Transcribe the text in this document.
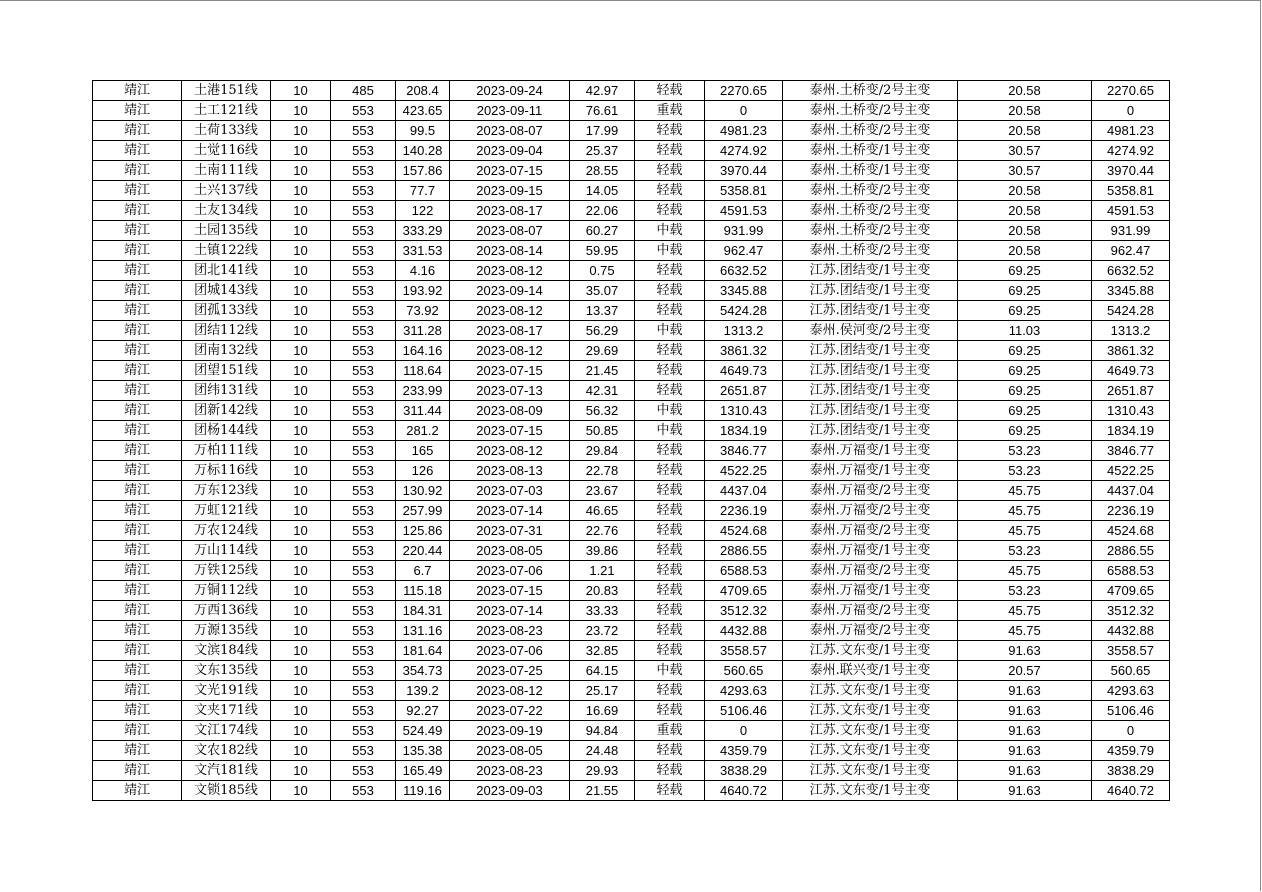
靖江	土港151线	10	485	208.4	2023-09-24	42.97	轻载	2270.65	泰州.土桥变/2号主变	20.58	2270.65
靖江	土工121线	10	553	423.65	2023-09-11	76.61	重载	0	泰州.土桥变/2号主变	20.58	0
靖江	土荷133线	10	553	99.5	2023-08-07	17.99	轻载	4981.23	泰州.土桥变/2号主变	20.58	4981.23
靖江	土觉116线	10	553	140.28	2023-09-04	25.37	轻载	4274.92	泰州.土桥变/1号主变	30.57	4274.92
靖江	土南111线	10	553	157.86	2023-07-15	28.55	轻载	3970.44	泰州.土桥变/1号主变	30.57	3970.44
靖江	土兴137线	10	553	77.7	2023-09-15	14.05	轻载	5358.81	泰州.土桥变/2号主变	20.58	5358.81
靖江	土友134线	10	553	122	2023-08-17	22.06	轻载	4591.53	泰州.土桥变/2号主变	20.58	4591.53
靖江	土园135线	10	553	333.29	2023-08-07	60.27	中载	931.99	泰州.土桥变/2号主变	20.58	931.99
靖江	土镇122线	10	553	331.53	2023-08-14	59.95	中载	962.47	泰州.土桥变/2号主变	20.58	962.47
靖江	团北141线	10	553	4.16	2023-08-12	0.75	轻载	6632.52	江苏.团结变/1号主变	69.25	6632.52
靖江	团城143线	10	553	193.92	2023-09-14	35.07	轻载	3345.88	江苏.团结变/1号主变	69.25	3345.88
靖江	团孤133线	10	553	73.92	2023-08-12	13.37	轻载	5424.28	江苏.团结变/1号主变	69.25	5424.28
靖江	团结112线	10	553	311.28	2023-08-17	56.29	中载	1313.2	泰州.侯河变/2号主变	11.03	1313.2
靖江	团南132线	10	553	164.16	2023-08-12	29.69	轻载	3861.32	江苏.团结变/1号主变	69.25	3861.32
靖江	团望151线	10	553	118.64	2023-07-15	21.45	轻载	4649.73	江苏.团结变/1号主变	69.25	4649.73
靖江	团纬131线	10	553	233.99	2023-07-13	42.31	轻载	2651.87	江苏.团结变/1号主变	69.25	2651.87
靖江	团新142线	10	553	311.44	2023-08-09	56.32	中载	1310.43	江苏.团结变/1号主变	69.25	1310.43
靖江	团杨144线	10	553	281.2	2023-07-15	50.85	中载	1834.19	江苏.团结变/1号主变	69.25	1834.19
靖江	万柏111线	10	553	165	2023-08-12	29.84	轻载	3846.77	泰州.万福变/1号主变	53.23	3846.77
靖江	万标116线	10	553	126	2023-08-13	22.78	轻载	4522.25	泰州.万福变/1号主变	53.23	4522.25
靖江	万东123线	10	553	130.92	2023-07-03	23.67	轻载	4437.04	泰州.万福变/2号主变	45.75	4437.04
靖江	万虹121线	10	553	257.99	2023-07-14	46.65	轻载	2236.19	泰州.万福变/2号主变	45.75	2236.19
靖江	万农124线	10	553	125.86	2023-07-31	22.76	轻载	4524.68	泰州.万福变/2号主变	45.75	4524.68
靖江	万山114线	10	553	220.44	2023-08-05	39.86	轻载	2886.55	泰州.万福变/1号主变	53.23	2886.55
靖江	万铁125线	10	553	6.7	2023-07-06	1.21	轻载	6588.53	泰州.万福变/2号主变	45.75	6588.53
靖江	万铜112线	10	553	115.18	2023-07-15	20.83	轻载	4709.65	泰州.万福变/1号主变	53.23	4709.65
靖江	万西136线	10	553	184.31	2023-07-14	33.33	轻载	3512.32	泰州.万福变/2号主变	45.75	3512.32
靖江	万源135线	10	553	131.16	2023-08-23	23.72	轻载	4432.88	泰州.万福变/2号主变	45.75	4432.88
靖江	文滨184线	10	553	181.64	2023-07-06	32.85	轻载	3558.57	江苏.文东变/1号主变	91.63	3558.57
靖江	文东135线	10	553	354.73	2023-07-25	64.15	中载	560.65	泰州.联兴变/1号主变	20.57	560.65
靖江	文光191线	10	553	139.2	2023-08-12	25.17	轻载	4293.63	江苏.文东变/1号主变	91.63	4293.63
靖江	文夹171线	10	553	92.27	2023-07-22	16.69	轻载	5106.46	江苏.文东变/1号主变	91.63	5106.46
靖江	文江174线	10	553	524.49	2023-09-19	94.84	重载	0	江苏.文东变/1号主变	91.63	0
靖江	文农182线	10	553	135.38	2023-08-05	24.48	轻载	4359.79	江苏.文东变/1号主变	91.63	4359.79
靖江	文汽181线	10	553	165.49	2023-08-23	29.93	轻载	3838.29	江苏.文东变/1号主变	91.63	3838.29
靖江	文锁185线	10	553	119.16	2023-09-03	21.55	轻载	4640.72	江苏.文东变/1号主变	91.63	4640.72
